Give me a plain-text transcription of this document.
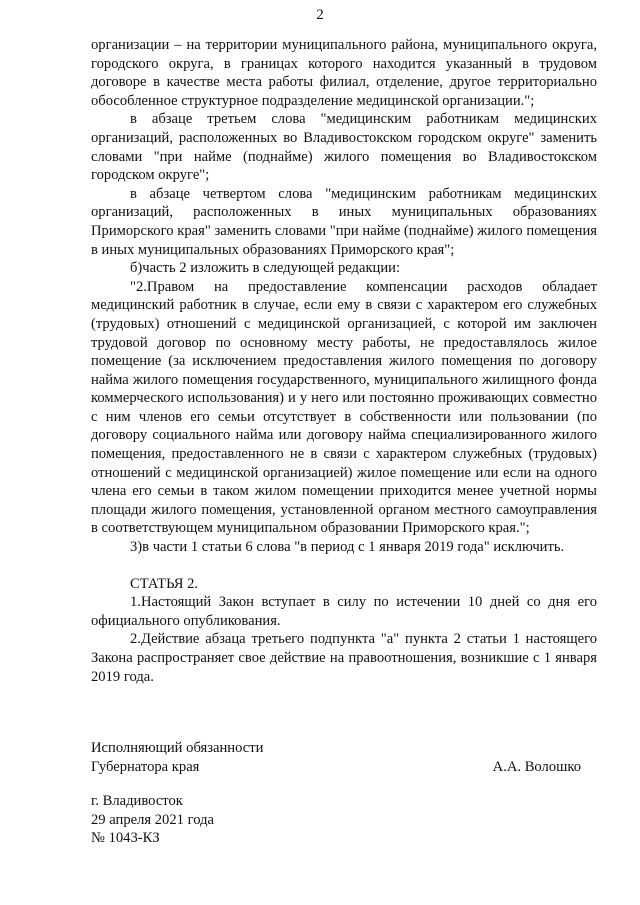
2

организации – на территории муниципального района, муниципального округа, городского округа, в границах которого находится указанный в трудовом договоре в качестве места работы филиал, отделение, другое территориально обособленное структурное подразделение медицинской организации.";

в абзаце третьем слова "медицинским работникам медицинских организаций, расположенных во Владивостокском городском округе" заменить словами "при найме (поднайме) жилого помещения во Владивостокском городском округе";

в абзаце четвертом слова "медицинским работникам медицинских организаций, расположенных в иных муниципальных образованиях Приморского края" заменить словами "при найме (поднайме) жилого помещения в иных муниципальных образованиях Приморского края";

б)часть 2 изложить в следующей редакции:

"2.Правом на предоставление компенсации расходов обладает медицинский работник в случае, если ему в связи с характером его служебных (трудовых) отношений с медицинской организацией, с которой им заключен трудовой договор по основному месту работы, не предоставлялось жилое помещение (за исключением предоставления жилого помещения по договору найма жилого помещения государственного, муниципального жилищного фонда коммерческого использования) и у него или постоянно проживающих совместно с ним членов его семьи отсутствует в собственности или пользовании (по договору социального найма или договору найма специализированного жилого помещения, предоставленного не в связи с характером служебных (трудовых) отношений с медицинской организацией) жилое помещение или если на одного члена его семьи в таком жилом помещении приходится менее учетной нормы площади жилого помещения, установленной органом местного самоуправления в соответствующем муниципальном образовании Приморского края.";

3)в части 1 статьи 6 слова "в период с 1 января 2019 года" исключить.

СТАТЬЯ 2.

1.Настоящий Закон вступает в силу по истечении 10 дней со дня его официального опубликования.

2.Действие абзаца третьего подпункта "а" пункта 2 статьи 1 настоящего Закона распространяет свое действие на правоотношения, возникшие с 1 января 2019 года.

Исполняющий обязанности
Губернатора края	А.А. Волошко
г. Владивосток
29 апреля 2021 года
№ 1043-КЗ
